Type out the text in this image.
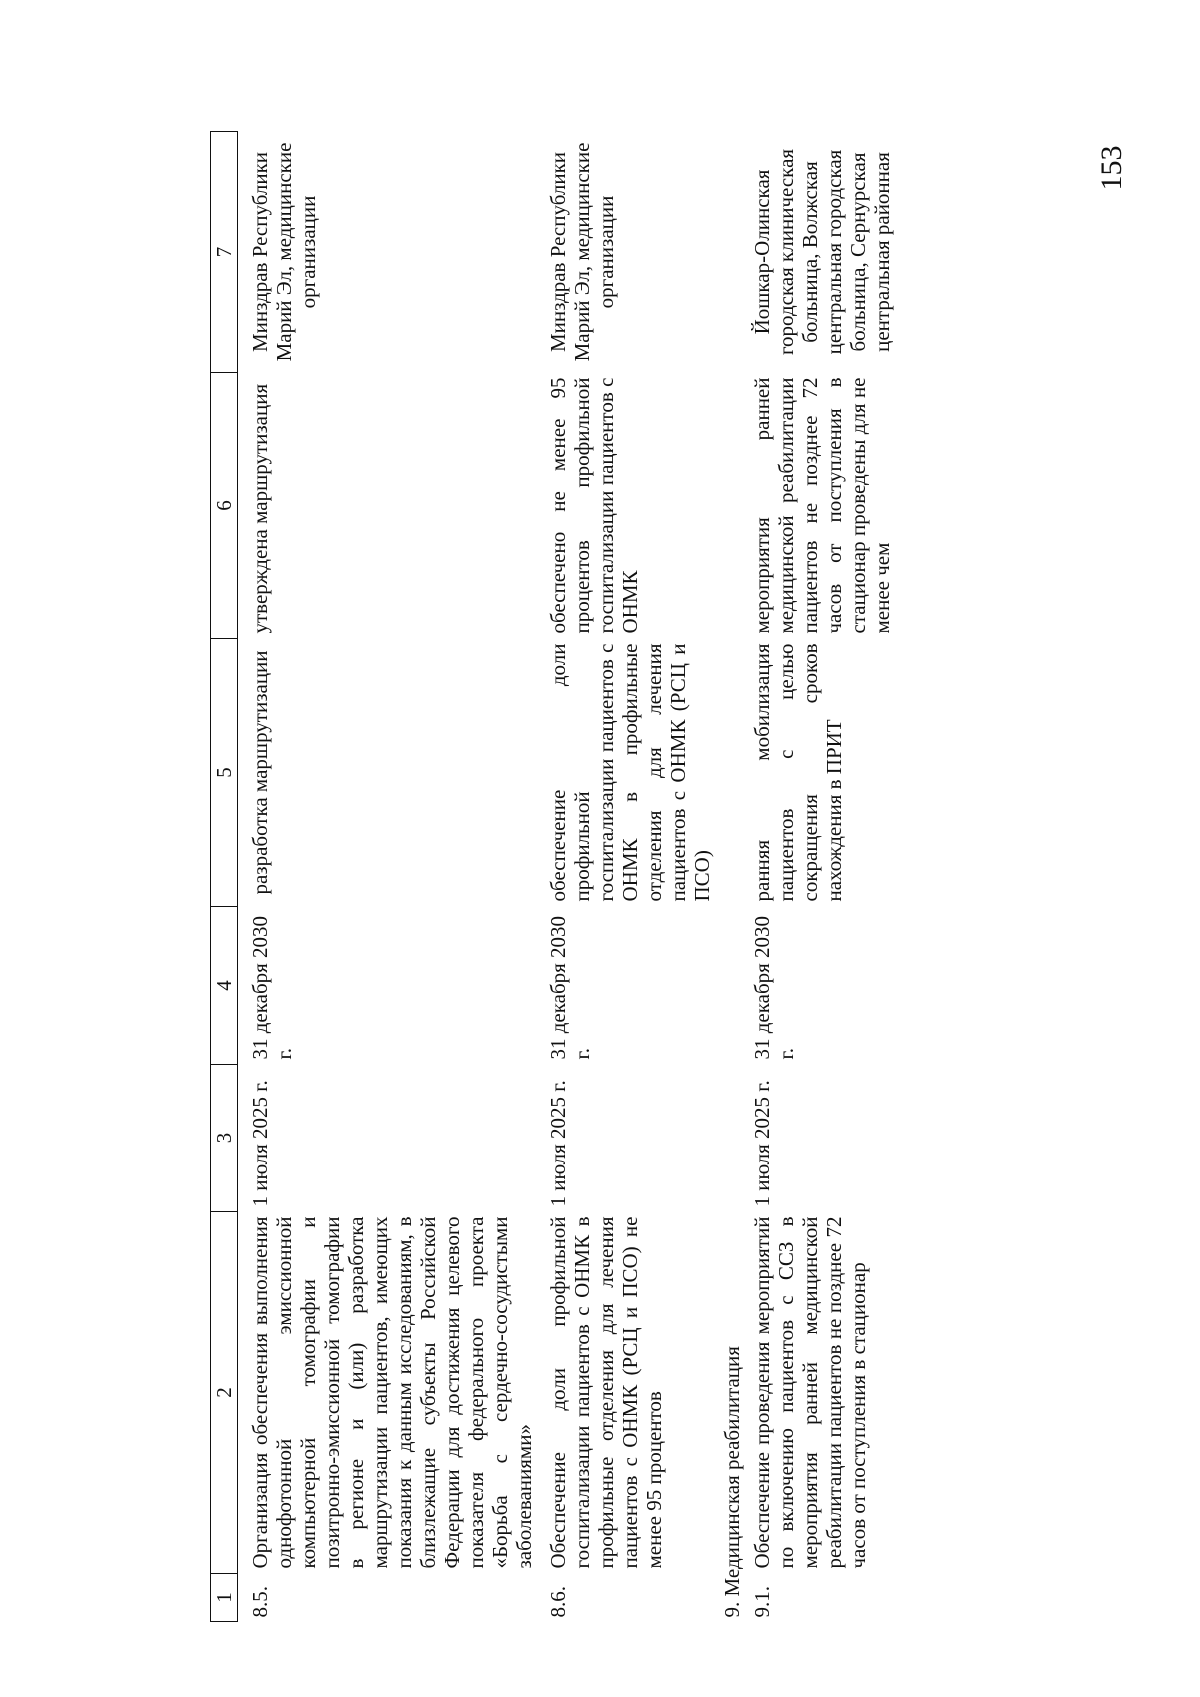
153
1	2	3	4	5	6	7
8.5.	Организация обеспечения выполнения однофотонной эмиссионной компьютерной томографии и позитронно-эмиссионной томографии в регионе и (или) разработка маршрутизации пациентов, имеющих показания к данным исследованиям, в близлежащие субъекты Российской Федерации для достижения целевого показателя федерального проекта «Борьба с сердечно-сосудистыми заболеваниями»	1 июля 2025 г.	31 декабря 2030 г.	разработка маршрутизации	утверждена маршрутизация	Минздрав Республики Марий Эл, медицинские организации
8.6.	Обеспечение доли профильной госпитализации пациентов с ОНМК в профильные отделения для лечения пациентов с ОНМК (РСЦ и ПСО) не менее 95 процентов	1 июля 2025 г.	31 декабря 2030 г.	обеспечение доли профильной госпитализации пациентов с ОНМК в профильные отделения для лечения пациентов с ОНМК (РСЦ и ПСО)	обеспечено не менее 95 процентов профильной госпитализации пациентов с ОНМК	Минздрав Республики Марий Эл, медицинские организации
9. Медицинская реабилитация						
9.1.	Обеспечение проведения мероприятий по включению пациентов с ССЗ в мероприятия ранней медицинской реабилитации пациентов не позднее 72 часов от поступления в стационар	1 июля 2025 г.	31 декабря 2030 г.	ранняя мобилизация пациентов с целью сокращения сроков нахождения в ПРИТ	мероприятия ранней медицинской реабилитации пациентов не позднее 72 часов от поступления в стационар проведены для не менее чем	Йошкар-Олинская городская клиническая больница, Волжская центральная городская больница, Сернурская центральная районная
